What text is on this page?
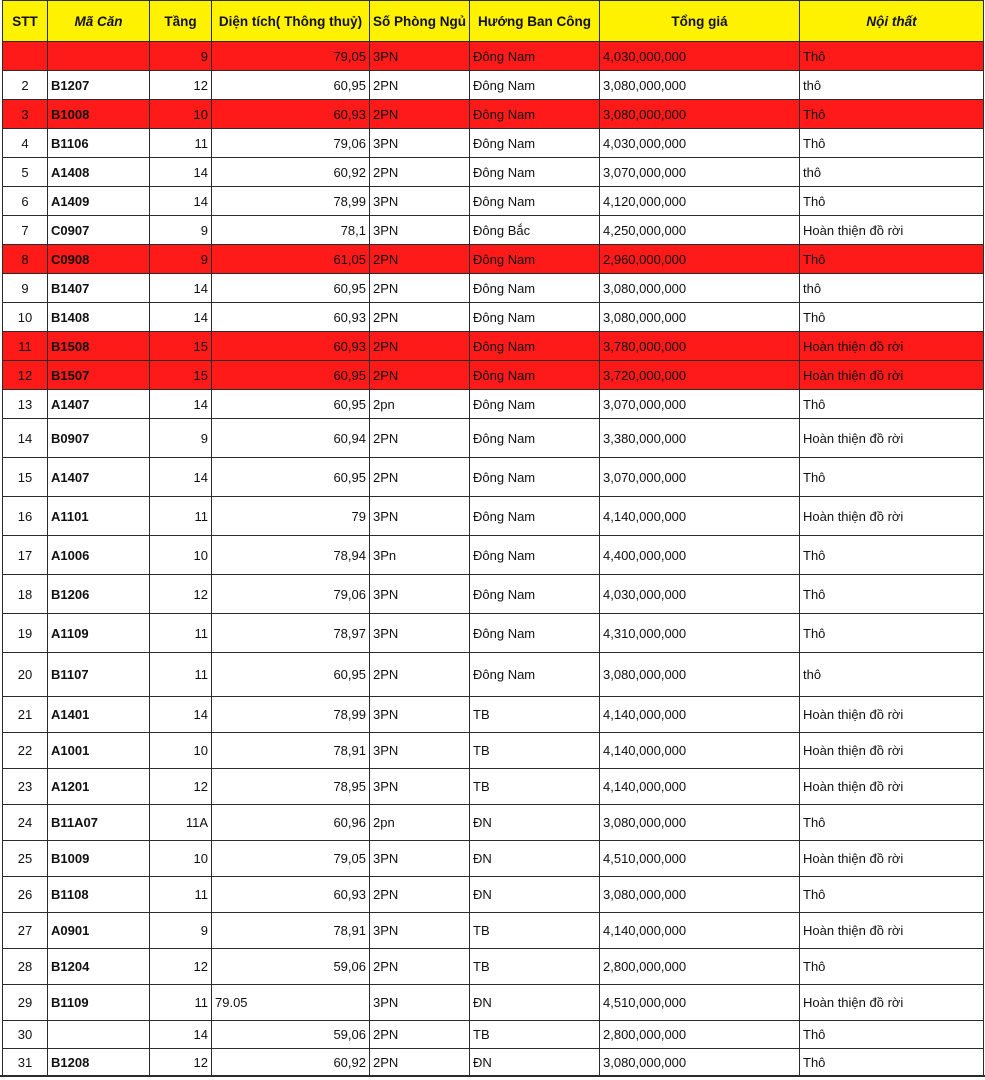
STT	Mã Căn	Tầng	Diện tích( Thông thuỷ)	Số Phòng Ngủ	Hướng Ban Công	Tổng giá	Nội thất
		9	79,05	3PN	Đông Nam	4,030,000,000	Thô
2	B1207	12	60,95	2PN	Đông Nam	3,080,000,000	thô
3	B1008	10	60,93	2PN	Đông Nam	3,080,000,000	Thô
4	B1106	11	79,06	3PN	Đông Nam	4,030,000,000	Thô
5	A1408	14	60,92	2PN	Đông Nam	3,070,000,000	thô
6	A1409	14	78,99	3PN	Đông Nam	4,120,000,000	Thô
7	C0907	9	78,1	3PN	Đông Bắc	4,250,000,000	Hoàn thiện đồ rời
8	C0908	9	61,05	2PN	Đông Nam	2,960,000,000	Thô
9	B1407	14	60,95	2PN	Đông Nam	3,080,000,000	thô
10	B1408	14	60,93	2PN	Đông Nam	3,080,000,000	Thô
11	B1508	15	60,93	2PN	Đông Nam	3,780,000,000	Hoàn thiện đồ rời
12	B1507	15	60,95	2PN	Đông Nam	3,720,000,000	Hoàn thiện đồ rời
13	A1407	14	60,95	2pn	Đông Nam	3,070,000,000	Thô
14	B0907	9	60,94	2PN	Đông Nam	3,380,000,000	Hoàn thiện đồ rời
15	A1407	14	60,95	2PN	Đông Nam	3,070,000,000	Thô
16	A1101	11	79	3PN	Đông Nam	4,140,000,000	Hoàn thiện đồ rời
17	A1006	10	78,94	3Pn	Đông Nam	4,400,000,000	Thô
18	B1206	12	79,06	3PN	Đông Nam	4,030,000,000	Thô
19	A1109	11	78,97	3PN	Đông Nam	4,310,000,000	Thô
20	B1107	11	60,95	2PN	Đông Nam	3,080,000,000	thô
21	A1401	14	78,99	3PN	TB	4,140,000,000	Hoàn thiện đồ rời
22	A1001	10	78,91	3PN	TB	4,140,000,000	Hoàn thiện đồ rời
23	A1201	12	78,95	3PN	TB	4,140,000,000	Hoàn thiện đồ rời
24	B11A07	11A	60,96	2pn	ĐN	3,080,000,000	Thô
25	B1009	10	79,05	3PN	ĐN	4,510,000,000	Hoàn thiện đồ rời
26	B1108	11	60,93	2PN	ĐN	3,080,000,000	Thô
27	A0901	9	78,91	3PN	TB	4,140,000,000	Hoàn thiện đồ rời
28	B1204	12	59,06	2PN	TB	2,800,000,000	Thô
29	B1109	11	79.05	3PN	ĐN	4,510,000,000	Hoàn thiện đồ rời
30		14	59,06	2PN	TB	2,800,000,000	Thô
31	B1208	12	60,92	2PN	ĐN	3,080,000,000	Thô
